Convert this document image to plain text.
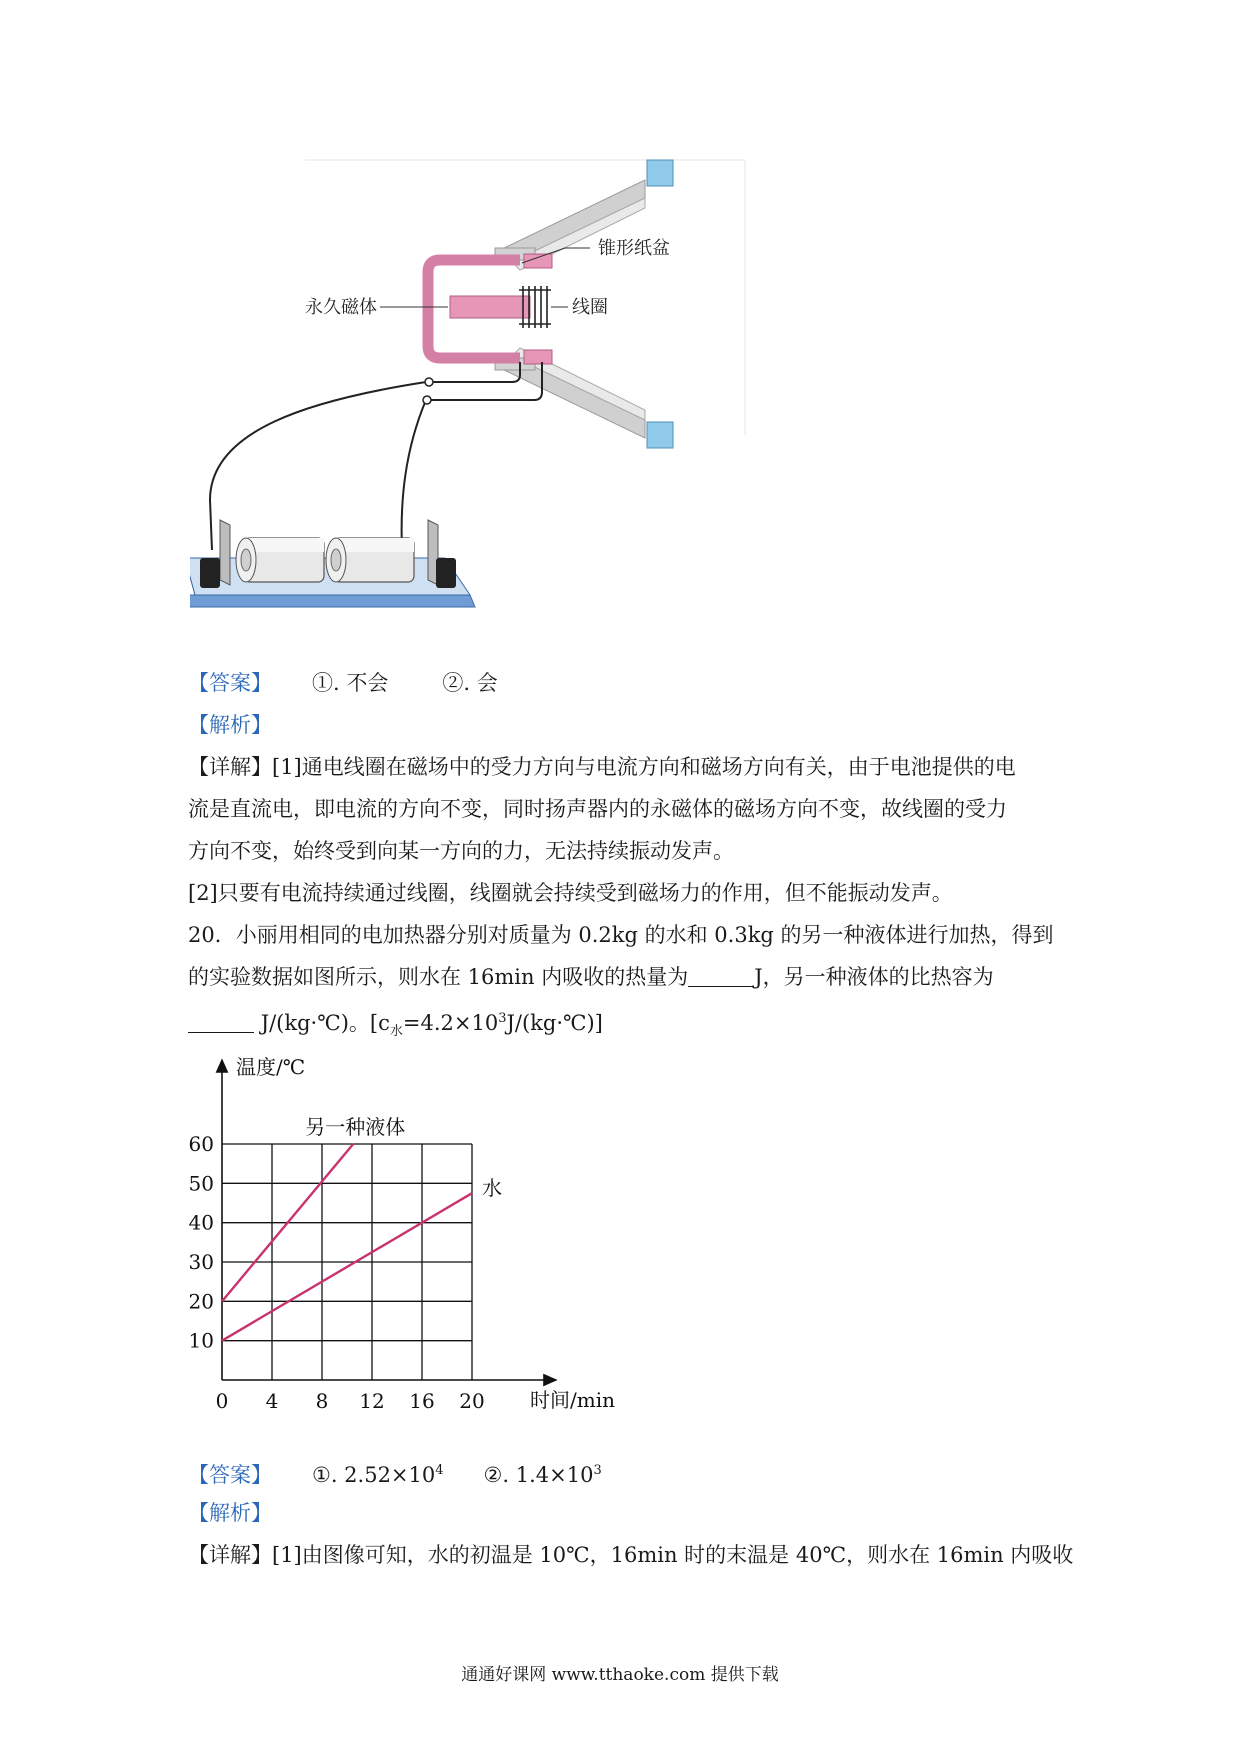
锥形纸盆
永久磁体	线圈
【答案】 ①. 不会	②. 会
【解析】
【详解】[1]通电线圈在磁场中的受力方向与电流方向和磁场方向有关，由于电池提供的电
流是直流电，即电流的方向不变，同时扬声器内的永磁体的磁场方向不变，故线圈的受力
方向不变，始终受到向某一方向的力，无法持续振动发声。
[2]只要有电流持续通过线圈，线圈就会持续受到磁场力的作用，但不能振动发声。
20．小丽用相同的电加热器分别对质量为 0.2kg 的水和 0.3kg 的另一种液体进行加热，得到
的实验数据如图所示，则水在 16min 内吸收的热量为	J，另一种液体的比热容为
J/(kg·℃)。$[c_水=4.2\times 10^3J/(kg\cdot℃)]$
0 4 8 12 16 20
10
20
30
40
50
60
另一种液体
水
温度/℃
时间/min
【答案】 ①. $2.52\times 10^4$ ②. $1.4\times 10^3$
【解析】
【详解】[1]由图像可知，水的初温是 10℃，16min 时的末温是 40℃，则水在 16min 内吸收
通通好课网 www.tthaoke.com 提供下载
